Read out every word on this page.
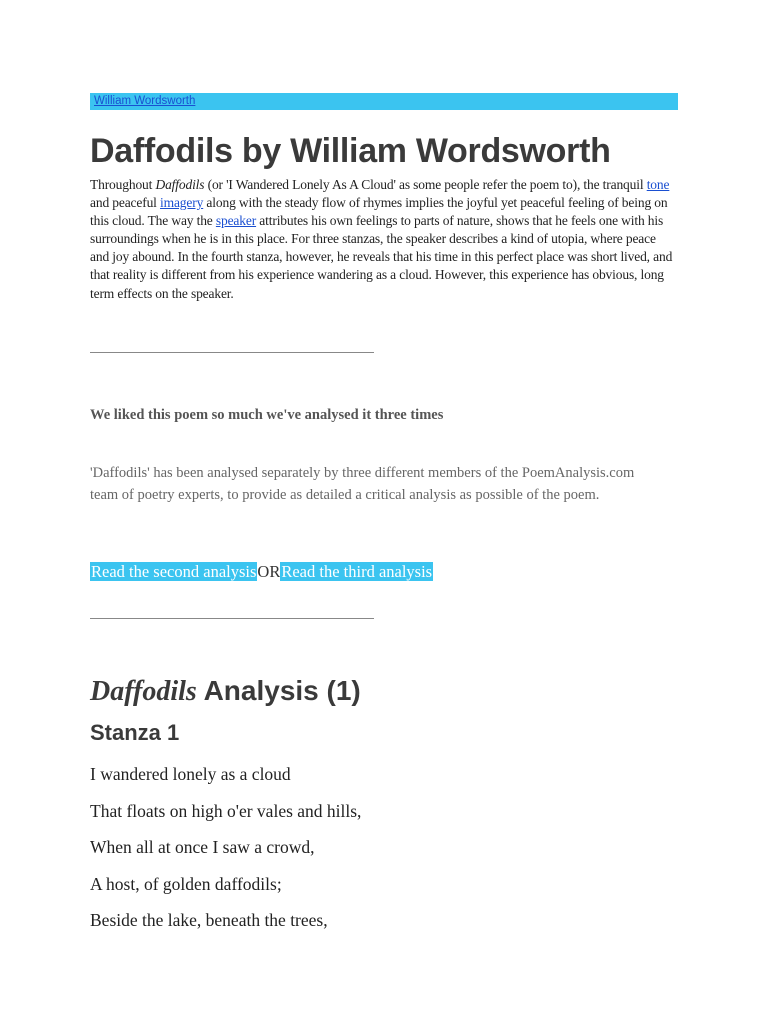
William Wordsworth
Daffodils by William Wordsworth

Throughout Daffodils (or 'I Wandered Lonely As A Cloud' as some people refer the poem to), the tranquil tone and peaceful imagery along with the steady flow of rhymes implies the joyful yet peaceful feeling of being on this cloud. The way the speaker attributes his own feelings to parts of nature, shows that he feels one with his surroundings when he is in this place. For three stanzas, the speaker describes a kind of utopia, where peace and joy abound. In the fourth stanza, however, he reveals that his time in this perfect place was short lived, and that reality is different from his experience wandering as a cloud. However, this experience has obvious, long term effects on the speaker.

We liked this poem so much we've analysed it three times

'Daffodils' has been analysed separately by three different members of the PoemAnalysis.com team of poetry experts, to provide as detailed a critical analysis as possible of the poem.

Read the second analysisORRead the third analysis
Daffodils Analysis (1)
Stanza 1
I wandered lonely as a cloud
That floats on high o'er vales and hills,
When all at once I saw a crowd,
A host, of golden daffodils;
Beside the lake, beneath the trees,
